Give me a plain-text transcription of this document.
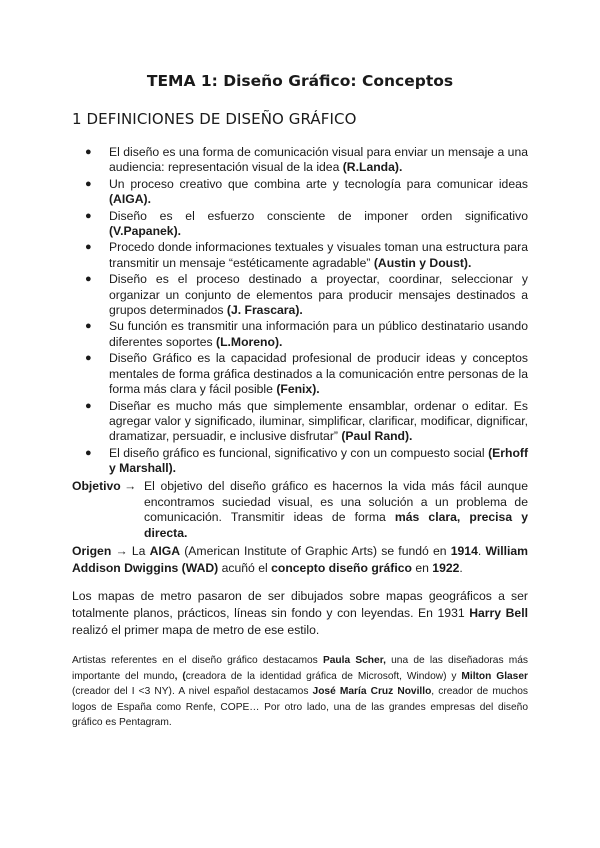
TEMA 1: Diseño Gráfico: Conceptos
1 DEFINICIONES DE DISEÑO GRÁFICO
● El diseño es una forma de comunicación visual para enviar un mensaje a una audiencia: representación visual de la idea (R.Landa).
● Un proceso creativo que combina arte y tecnología para comunicar ideas (AIGA).
● Diseño es el esfuerzo consciente de imponer orden significativo (V.Papanek).
● Procedo donde informaciones textuales y visuales toman una estructura para transmitir un mensaje “estéticamente agradable” (Austin y Doust).
● Diseño es el proceso destinado a proyectar, coordinar, seleccionar y organizar un conjunto de elementos para producir mensajes destinados a grupos determinados (J. Frascara).
● Su función es transmitir una información para un público destinatario usando diferentes soportes (L.Moreno).
● Diseño Gráfico es la capacidad profesional de producir ideas y conceptos mentales de forma gráfica destinados a la comunicación entre personas de la forma más clara y fácil posible (Fenix).
● Diseñar es mucho más que simplemente ensamblar, ordenar o editar. Es agregar valor y significado, iluminar, simplificar, clarificar, modificar, dignificar, dramatizar, persuadir, e inclusive disfrutar” (Paul Rand).
● El diseño gráfico es funcional, significativo y con un compuesto social (Erhoff y Marshall).
Objetivo → El objetivo del diseño gráfico es hacernos la vida más fácil aunque encontramos suciedad visual, es una solución a un problema de comunicación. Transmitir ideas de forma más clara, precisa y directa.
Origen → La AIGA (American Institute of Graphic Arts) se fundó en 1914. William Addison Dwiggins (WAD) acuñó el concepto diseño gráfico en 1922.
Los mapas de metro pasaron de ser dibujados sobre mapas geográficos a ser totalmente planos, prácticos, líneas sin fondo y con leyendas. En 1931 Harry Bell realizó el primer mapa de metro de ese estilo.
Artistas referentes en el diseño gráfico destacamos Paula Scher, una de las diseñadoras más importante del mundo, (creadora de la identidad gráfica de Microsoft, Window) y Milton Glaser (creador del I <3 NY). A nivel español destacamos José María Cruz Novillo, creador de muchos logos de España como Renfe, COPE… Por otro lado, una de las grandes empresas del diseño gráfico es Pentagram.
